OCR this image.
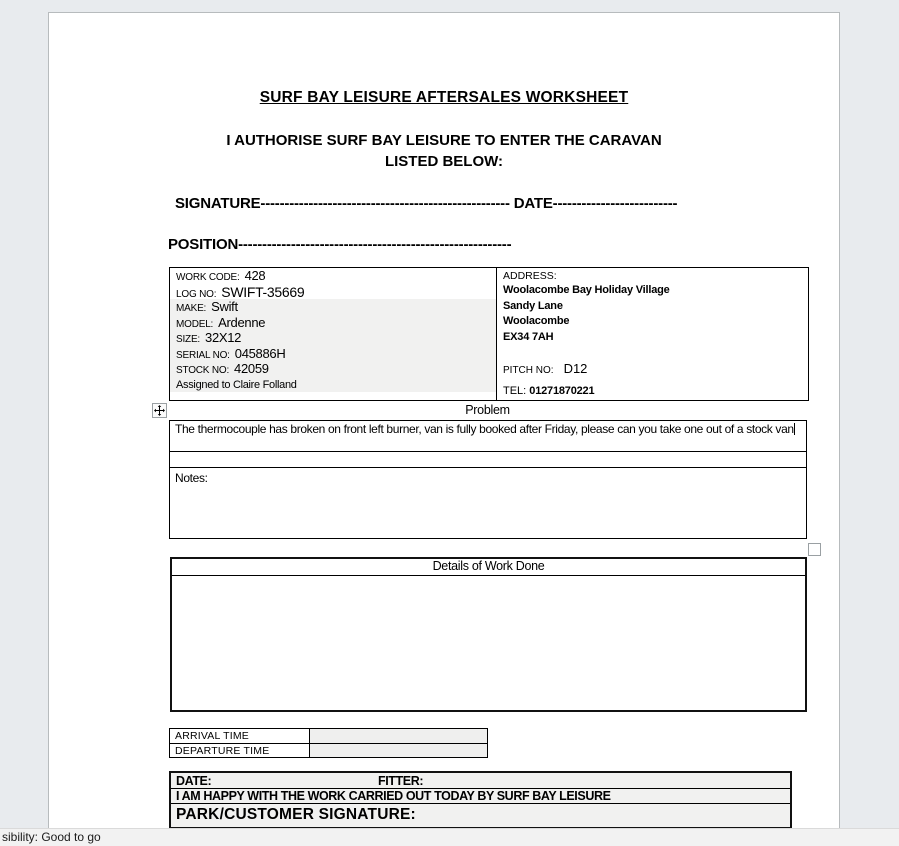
SURF BAY LEISURE AFTERSALES WORKSHEET
I AUTHORISE SURF BAY LEISURE TO ENTER THE CARAVAN
LISTED BELOW:
SIGNATURE---------------------------------------------------- DATE--------------------------
POSITION---------------------------------------------------------
WORK CODE: 428
LOG NO: SWIFT-35669
MAKE: Swift
MODEL: Ardenne
SIZE: 32X12
SERIAL NO: 045886H
STOCK NO: 42059
Assigned to Claire Folland
ADDRESS:
Woolacombe Bay Holiday Village
Sandy Lane
Woolacombe
EX34 7AH
PITCH NO: D12
TEL: 01271870221
Problem
The thermocouple has broken on front left burner, van is fully booked after Friday, please can you take one out of a stock van
Notes:
Details of Work Done
ARRIVAL TIME
DEPARTURE TIME
DATE:	FITTER:
I AM HAPPY WITH THE WORK CARRIED OUT TODAY BY SURF BAY LEISURE
PARK/CUSTOMER SIGNATURE:
sibility: Good to go
